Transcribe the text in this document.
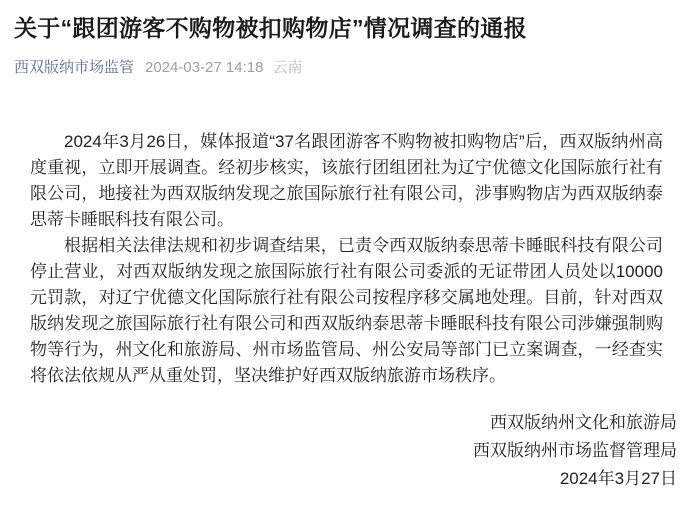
关于“跟团游客不购物被扣购物店”情况调查的通报
西双版纳市场监管 2024-03-27 14:18 云南

2024年3月26日，媒体报道“37名跟团游客不购物被扣购物店”后，西双版纳州高度重视，立即开展调查。经初步核实，该旅行团组团社为辽宁优德文化国际旅行社有限公司，地接社为西双版纳发现之旅国际旅行社有限公司，涉事购物店为西双版纳泰思蒂卡睡眠科技有限公司。

根据相关法律法规和初步调查结果，已责令西双版纳泰思蒂卡睡眠科技有限公司停止营业，对西双版纳发现之旅国际旅行社有限公司委派的无证带团人员处以10000元罚款，对辽宁优德文化国际旅行社有限公司按程序移交属地处理。目前，针对西双版纳发现之旅国际旅行社有限公司和西双版纳泰思蒂卡睡眠科技有限公司涉嫌强制购物等行为，州文化和旅游局、州市场监管局、州公安局等部门已立案调查，一经查实将依法依规从严从重处罚，坚决维护好西双版纳旅游市场秩序。

西双版纳州文化和旅游局
西双版纳州市场监督管理局
2024年3月27日
